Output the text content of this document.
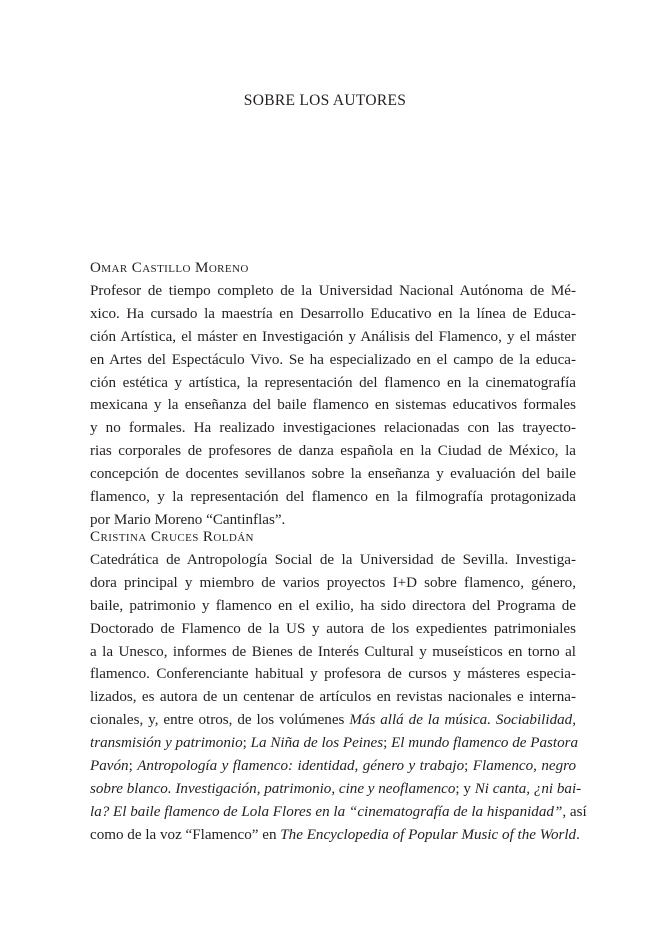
SOBRE LOS AUTORES
Omar Castillo Moreno
Profesor de tiempo completo de la Universidad Nacional Autónoma de Mé-
xico. Ha cursado la maestría en Desarrollo Educativo en la línea de Educa-
ción Artística, el máster en Investigación y Análisis del Flamenco, y el máster
en Artes del Espectáculo Vivo. Se ha especializado en el campo de la educa-
ción estética y artística, la representación del flamenco en la cinematografía
mexicana y la enseñanza del baile flamenco en sistemas educativos formales
y no formales. Ha realizado investigaciones relacionadas con las trayecto-
rias corporales de profesores de danza española en la Ciudad de México, la
concepción de docentes sevillanos sobre la enseñanza y evaluación del baile
flamenco, y la representación del flamenco en la filmografía protagonizada
por Mario Moreno “Cantinflas”.
Cristina Cruces Roldán
Catedrática de Antropología Social de la Universidad de Sevilla. Investiga-
dora principal y miembro de varios proyectos I+D sobre flamenco, género,
baile, patrimonio y flamenco en el exilio, ha sido directora del Programa de
Doctorado de Flamenco de la US y autora de los expedientes patrimoniales
a la Unesco, informes de Bienes de Interés Cultural y museísticos en torno al
flamenco. Conferenciante habitual y profesora de cursos y másteres especia-
lizados, es autora de un centenar de artículos en revistas nacionales e interna-
cionales, y, entre otros, de los volúmenes Más allá de la música. Sociabilidad,
transmisión y patrimonio; La Niña de los Peines; El mundo flamenco de Pastora
Pavón; Antropología y flamenco: identidad, género y trabajo; Flamenco, negro
sobre blanco. Investigación, patrimonio, cine y neoflamenco; y Ni canta, ¿ni bai-
la? El baile flamenco de Lola Flores en la “cinematografía de la hispanidad”, así
como de la voz “Flamenco” en The Encyclopedia of Popular Music of the World.
